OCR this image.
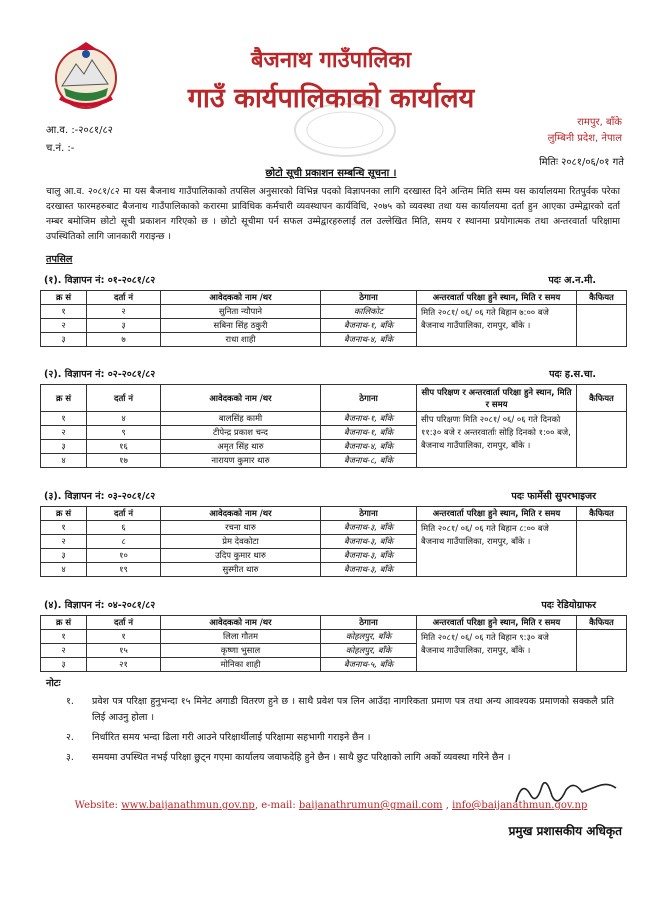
बैजनाथ गाउँपालिका
गाउँ कार्यपालिकाको कार्यालय
रामपुर, बाँके
लुम्बिनी प्रदेश, नेपाल
आ.व. :-२०८१/८२
च.नं. :-
मितिः २०८१/०६/०१ गते
छोटो सूची प्रकाशन सम्बन्धि सूचना ।
चालु आ.व. २०८१/८२ मा यस बैजनाथ गाउँपालिकाको तपसिल अनुसारको विभिन्न पदको विज्ञापनका लागि दरखास्त दिने अन्तिम मिति सम्म यस कार्यालयमा रितपुर्वक परेका दरखास्त फारमहरुबाट बैजनाथ गाउँपालिकाको करारमा प्राविधिक कर्मचारी व्यवस्थापन कार्यविधि, २०७५ को व्यवस्था तथा यस कार्यालयमा दर्ता हुन आएका उम्मेद्वारको दर्ता नम्बर बमोजिम छोटो सूची प्रकाशन गरिएको छ । छोटो सूचीमा पर्न सफल उम्मेद्वारहरुलाई तल उल्लेखित मिति, समय र स्थानमा प्रयोगात्मक तथा अन्तरवार्ता परिक्षामा उपस्थितिको लागि जानकारी गराइन्छ ।
तपसिल
(१). विज्ञापन नं: ०१-२०८१/८२	पदः अ.न.मी.
क्र सं	दर्ता नं	आवेदकको नाम /थर	ठेगाना	अन्तरवार्ता परिक्षा हुने स्थान, मिति र समय	कैफियत
१	२	सुनिता न्यौपाने	कालिकोट	मिति २०८१/ ०६/ ०६ गते बिहान ७:०० बजे बैजनाथ गाउँपालिका, रामपुर, बाँके ।	
२	३	सबिना सिंह ठकुरी	बैजनाथ-१, बाँके		
३	७	राधा शाही	बैजनाथ-४, बाँके		
(२). विज्ञापन नं: ०२-२०८१/८२	पदः ह.स.चा.
क्र सं	दर्ता नं	आवेदकको नाम /थर	ठेगाना	सीप परिक्षण र अन्तरवार्ता परिक्षा हुने स्थान, मिति र समय	कैफियत
१	४	बालसिंह कामी	बैजनाथ-१, बाँके	सीप परिक्षणः मिति २०८१/ ०६/ ०६ गते दिनको ११:३० बजे र अन्तरवार्ताः सोहि दिनको १:०० बजे, बैजनाथ गाउँपालिका, रामपुर, बाँके ।	
२	९	टीपेन्द्र प्रकाश चन्द	बैजनाथ-१, बाँके		
३	१६	अमृत सिंह थारु	बैजनाथ-४, बाँके		
४	१७	नारायण कुमार थारु	बैजनाथ-८, बाँके		
(३). विज्ञापन नं: ०३-२०८१/८२	पदः फार्मेसी सुपरभाइजर
क्र सं	दर्ता नं	आवेदकको नाम /थर	ठेगाना	अन्तरवार्ता परिक्षा हुने स्थान, मिति र समय	कैफियत
१	६	रचना थारु	बैजनाथ-३, बाँके	मिति २०८१/ ०६/ ०६ गते बिहान ८:०० बजे बैजनाथ गाउँपालिका, रामपुर, बाँके ।	
२	८	प्रेम देवकोटा	बैजनाथ-३, बाँके		
३	१०	उदिप कुमार थारु	बैजनाथ-३, बाँके		
४	१९	सुस्मीत थारु	बैजनाथ-३, बाँके		
(४). विज्ञापन नं: ०४-२०८१/८२	पदः रेडियोग्राफर
क्र सं	दर्ता नं	आवेदकको नाम /थर	ठेगाना	अन्तरवार्ता परिक्षा हुने स्थान, मिति र समय	कैफियत
१	१	लिला गौतम	कोहलपुर, बाँके	मिति २०८१/ ०६/ ०६ गते बिहान ९:३० बजे बैजनाथ गाउँपालिका, रामपुर, बाँके ।	
२	१५	कृष्णा भुसाल	कोहलपुर, बाँके		
३	२१	मोनिका शाही	बैजनाथ-५, बाँके		
नोटः
१. प्रवेश पत्र परिक्षा हुनुभन्दा १५ मिनेट अगाडी वितरण हुने छ । साथै प्रवेश पत्र लिन आउँदा नागरिकता प्रमाण पत्र तथा अन्य आवश्यक प्रमाणको सक्कलै प्रति लिई आउनु होला ।
२. निर्धारित समय भन्दा ढिला गरी आउने परिक्षार्थीलाई परिक्षामा सहभागी गराइने छैन ।
३. समयमा उपस्थित नभई परिक्षा छुट्न गएमा कार्यालय जवाफदेहि हुने छैन । साथै छुट परिक्षाको लागि अर्को व्यवस्था गरिने छैन ।
Website: www.baijanathmun.gov.np, e-mail: baijanathrumun@gmail.com , info@baijanathmun.gov.np
प्रमुख प्रशासकीय अधिकृत
